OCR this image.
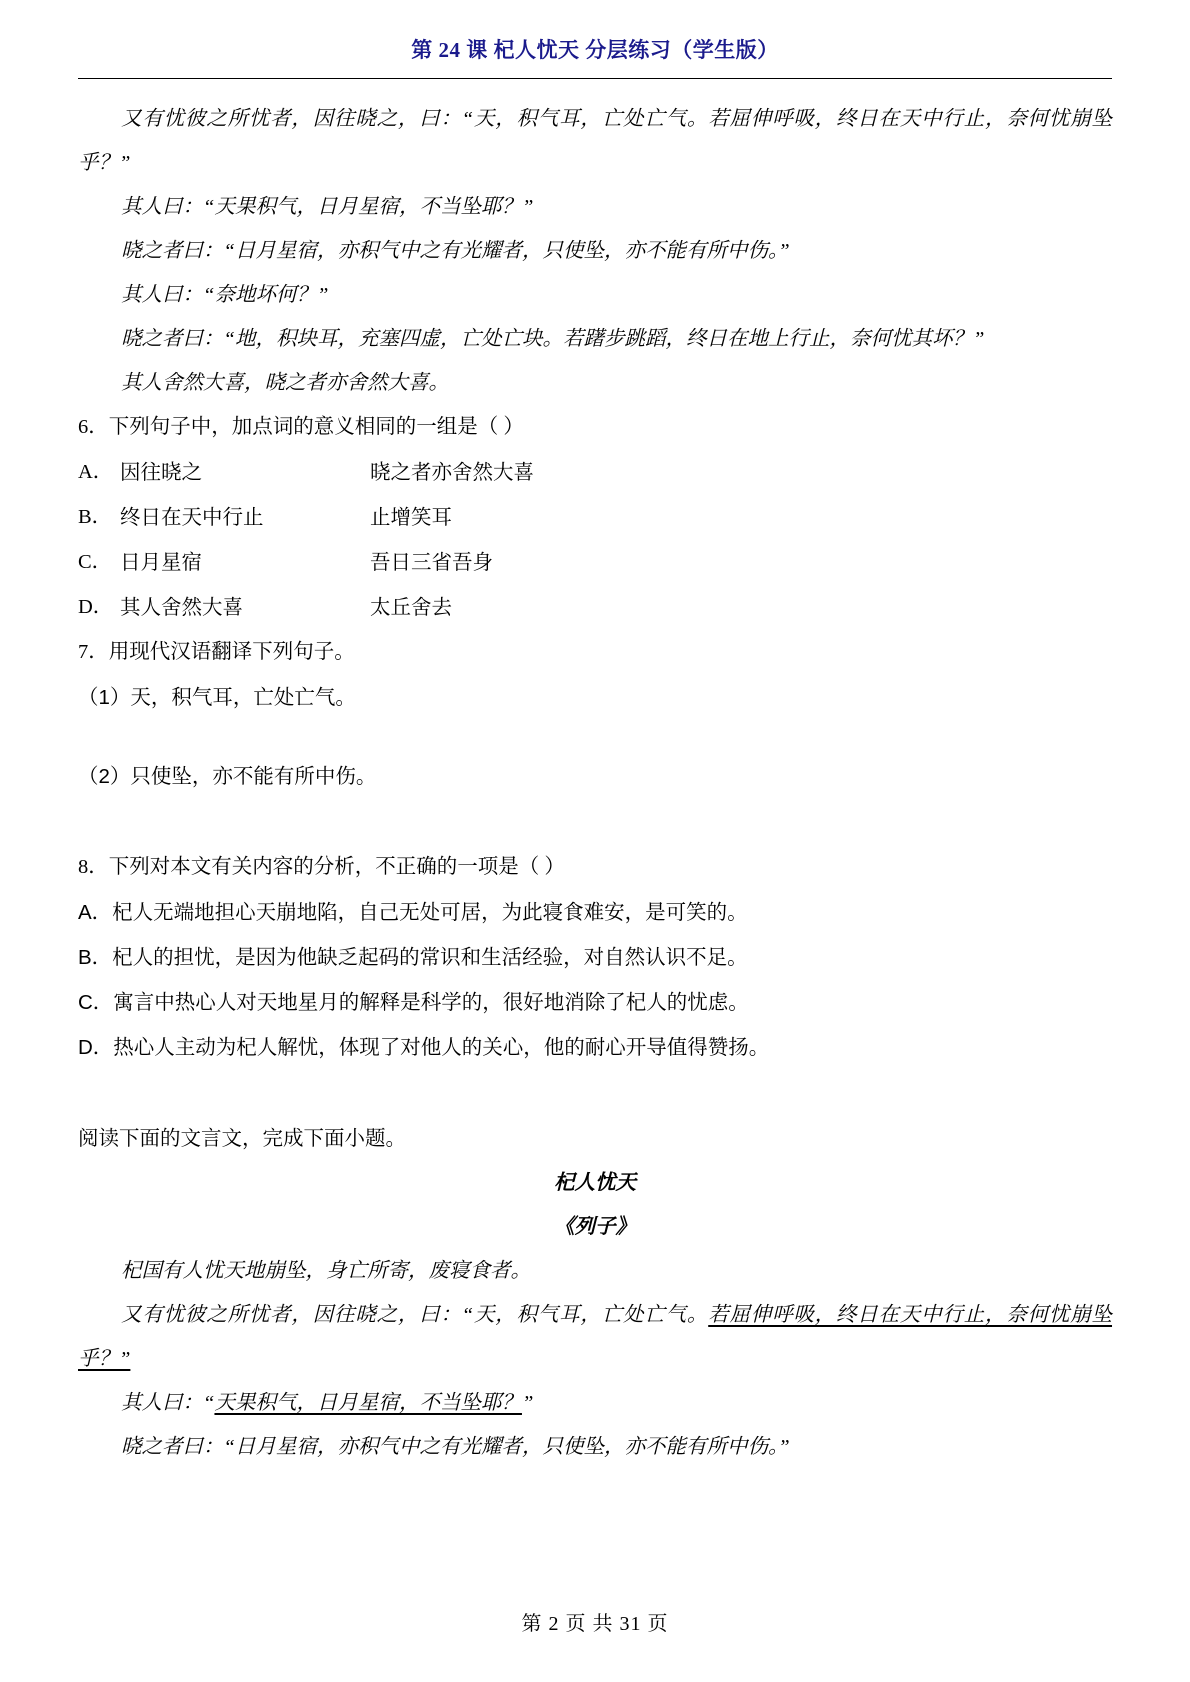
第 24 课 杞人忧天 分层练习（学生版）
又有忧彼之所忧者，因往晓之，曰：“天，积气耳，亡处亡气。若屈伸呼吸，终日在天中行止，奈何忧崩坠乎？”
其人曰：“天果积气，日月星宿，不当坠耶？”
晓之者曰：“日月星宿，亦积气中之有光耀者，只使坠，亦不能有所中伤。”
其人曰：“奈地坏何？”
晓之者曰：“地，积块耳，充塞四虚，亡处亡块。若躇步跳蹈，终日在地上行止，奈何忧其坏？”
其人舍然大喜，晓之者亦舍然大喜。
6．下列句子中，加点词的意义相同的一组是（ ）
A． 因往晓之	晓之者亦舍然大喜
B． 终日在天中行止	止增笑耳
C． 日月星宿	吾日三省吾身
D． 其人舍然大喜	太丘舍去
7．用现代汉语翻译下列句子。
（1）天，积气耳，亡处亡气。
（2）只使坠，亦不能有所中伤。
8．下列对本文有关内容的分析，不正确的一项是（ ）
A．杞人无端地担心天崩地陷，自己无处可居，为此寝食难安，是可笑的。
B．杞人的担忧，是因为他缺乏起码的常识和生活经验，对自然认识不足。
C．寓言中热心人对天地星月的解释是科学的，很好地消除了杞人的忧虑。
D．热心人主动为杞人解忧，体现了对他人的关心，他的耐心开导值得赞扬。
阅读下面的文言文，完成下面小题。
杞人忧天
《列子》
杞国有人忧天地崩坠，身亡所寄，废寝食者。
又有忧彼之所忧者，因往晓之，曰：“天，积气耳，亡处亡气。若屈伸呼吸，终日在天中行止，奈何忧崩坠乎？”
其人曰：“天果积气，日月星宿，不当坠耶？”
晓之者曰：“日月星宿，亦积气中之有光耀者，只使坠，亦不能有所中伤。”
第 2 页 共 31 页
